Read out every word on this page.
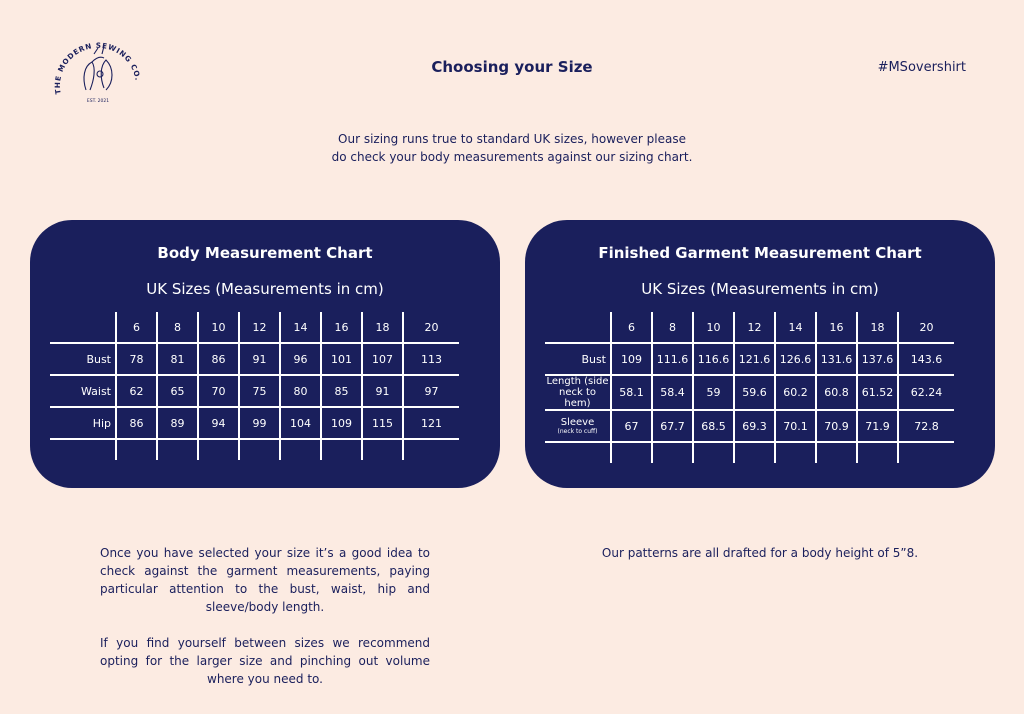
THE MODERN SEWING CO.
EST. 2021
Choosing your Size	#MSovershirt
Our sizing runs true to standard UK sizes, however please
do check your body measurements against our sizing chart.
Body Measurement Chart
UK Sizes (Measurements in cm)
	6	8	10	12	14	16	18	20
Bust	78	81	86	91	96	101	107	113
Waist	62	65	70	75	80	85	91	97
Hip	86	89	94	99	104	109	115	121

Finished Garment Measurement Chart
UK Sizes (Measurements in cm)
	6	8	10	12	14	16	18	20
Bust	109	111.6	116.6	121.6	126.6	131.6	137.6	143.6
Length (side neck to hem)	58.1	58.4	59	59.6	60.2	60.8	61.52	62.24
Sleeve
(neck to cuff)	67	67.7	68.5	69.3	70.1	70.9	71.9	72.8

Once you have selected your size it’s a good idea to check against the garment measurements, paying particular attention to the bust, waist, hip and sleeve/body length.

If you find yourself between sizes we recommend opting for the larger size and pinching out volume where you need to.

Our patterns are all drafted for a body height of 5”8.
